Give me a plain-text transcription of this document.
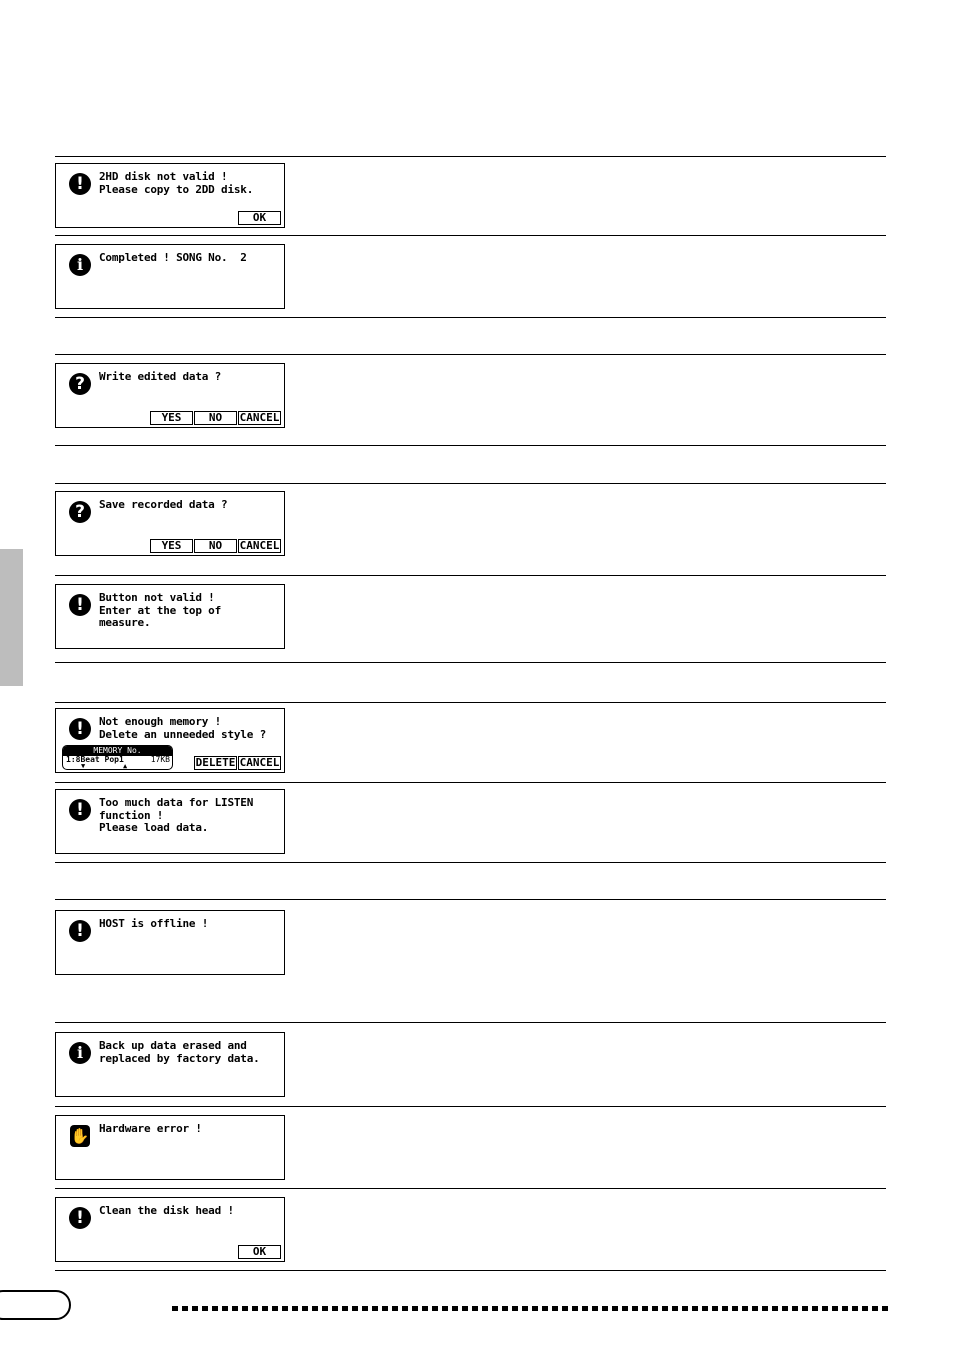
!	2HD disk not valid !
Please copy to 2DD disk.
OK
i	Completed ! SONG No.  2
?	Write edited data ?
YES	NO	CANCEL
?	Save recorded data ?
YES	NO	CANCEL
!	Button not valid !
Enter at the top of
measure.
!	Not enough memory !
Delete an unneeded style ?
MEMORY No.
1:8Beat Pop1	17KB
▼	▲	DELETE CANCEL
!	Too much data for LISTEN
function !
Please load data.
!	HOST is offline !
i	Back up data erased and
replaced by factory data.
✋ Hardware error !
!	Clean the disk head !
OK
